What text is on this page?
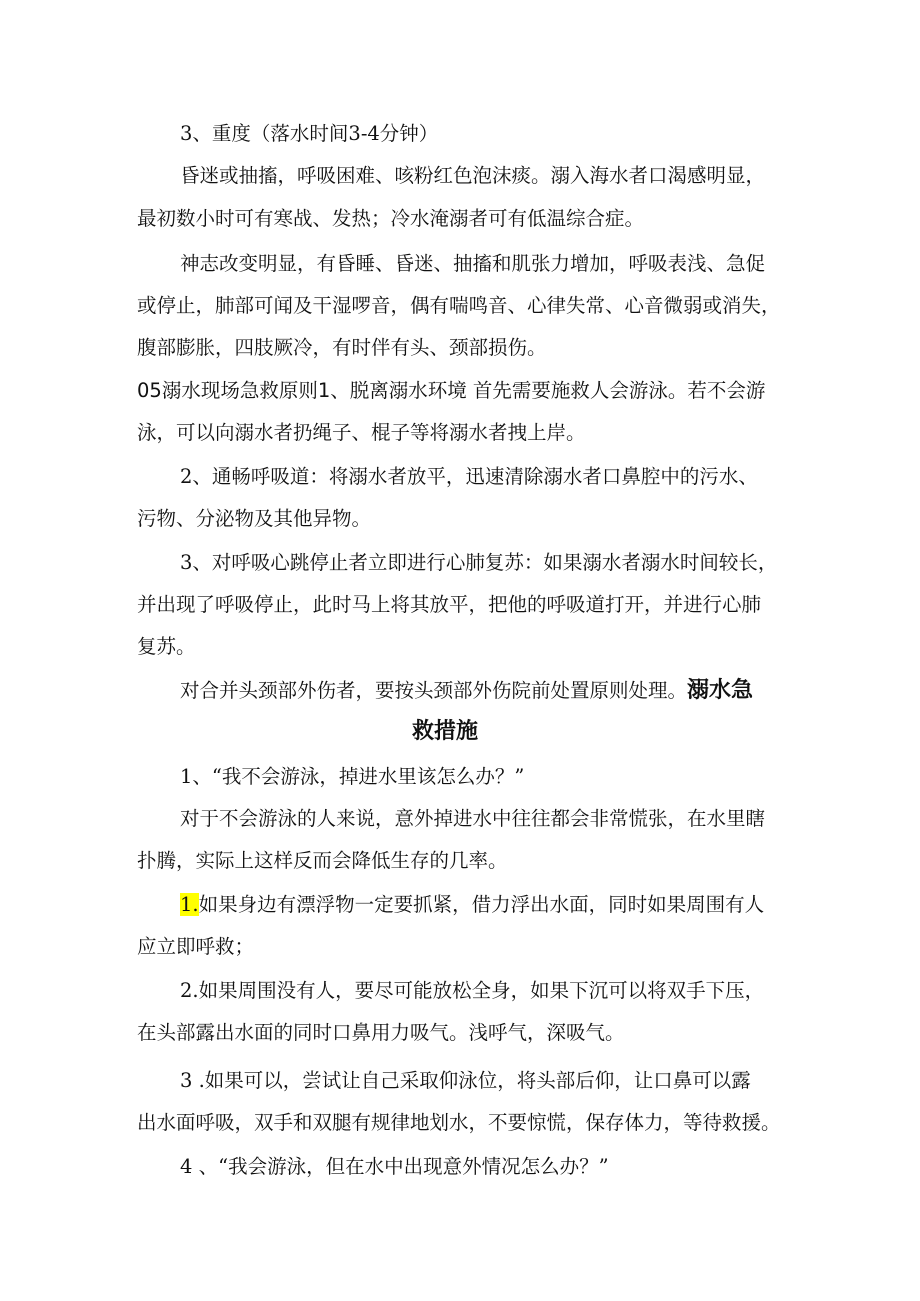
3、重度（落水时间3-4分钟）

昏迷或抽搐，呼吸困难、咳粉红色泡沫痰。溺入海水者口渴感明显，

最初数小时可有寒战、发热；冷水淹溺者可有低温综合症。

神志改变明显，有昏睡、昏迷、抽搐和肌张力增加，呼吸表浅、急促

或停止，肺部可闻及干湿啰音，偶有喘鸣音、心律失常、心音微弱或消失，

腹部膨胀，四肢厥冷，有时伴有头、颈部损伤。

05溺水现场急救原则1、脱离溺水环境 首先需要施救人会游泳。若不会游

泳，可以向溺水者扔绳子、棍子等将溺水者拽上岸。

2、通畅呼吸道：将溺水者放平，迅速清除溺水者口鼻腔中的污水、

污物、分泌物及其他异物。

3、对呼吸心跳停止者立即进行心肺复苏：如果溺水者溺水时间较长，

并出现了呼吸停止，此时马上将其放平，把他的呼吸道打开，并进行心肺

复苏。

对合并头颈部外伤者，要按头颈部外伤院前处置原则处理。溺水急

救措施

1、“我不会游泳，掉进水里该怎么办？”

对于不会游泳的人来说，意外掉进水中往往都会非常慌张，在水里瞎

扑腾，实际上这样反而会降低生存的几率。

1.如果身边有漂浮物一定要抓紧，借力浮出水面，同时如果周围有人

应立即呼救；

2.如果周围没有人，要尽可能放松全身，如果下沉可以将双手下压，

在头部露出水面的同时口鼻用力吸气。浅呼气，深吸气。

3 .如果可以，尝试让自己采取仰泳位，将头部后仰，让口鼻可以露

出水面呼吸，双手和双腿有规律地划水，不要惊慌，保存体力，等待救援。

4 、“我会游泳，但在水中出现意外情况怎么办？”
